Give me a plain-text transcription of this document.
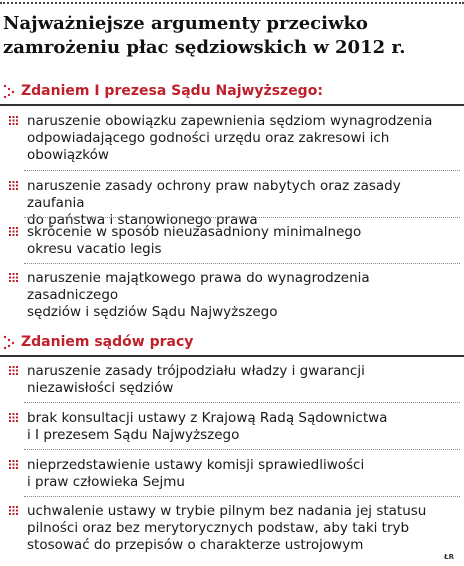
Najważniejsze argumenty przeciwko
zamrożeniu płac sędziowskich w 2012 r.
Zdaniem I prezesa Sądu Najwyższego:
naruszenie obowiązku zapewnienia sędziom wynagrodzenia
odpowiadającego godności urzędu oraz zakresowi ich
obowiązków
naruszenie zasady ochrony praw nabytych oraz zasady zaufania
do państwa i stanowionego prawa
skrócenie w sposób nieuzasadniony minimalnego
okresu vacatio legis
naruszenie majątkowego prawa do wynagrodzenia zasadniczego
sędziów i sędziów Sądu Najwyższego
Zdaniem sądów pracy
naruszenie zasady trójpodziału władzy i gwarancji
niezawisłości sędziów
brak konsultacji ustawy z Krajową Radą Sądownictwa
i I prezesem Sądu Najwyższego
nieprzedstawienie ustawy komisji sprawiedliwości
i praw człowieka Sejmu
uchwalenie ustawy w trybie pilnym bez nadania jej statusu
pilności oraz bez merytorycznych podstaw, aby taki tryb
stosować do przepisów o charakterze ustrojowym
ŁR
